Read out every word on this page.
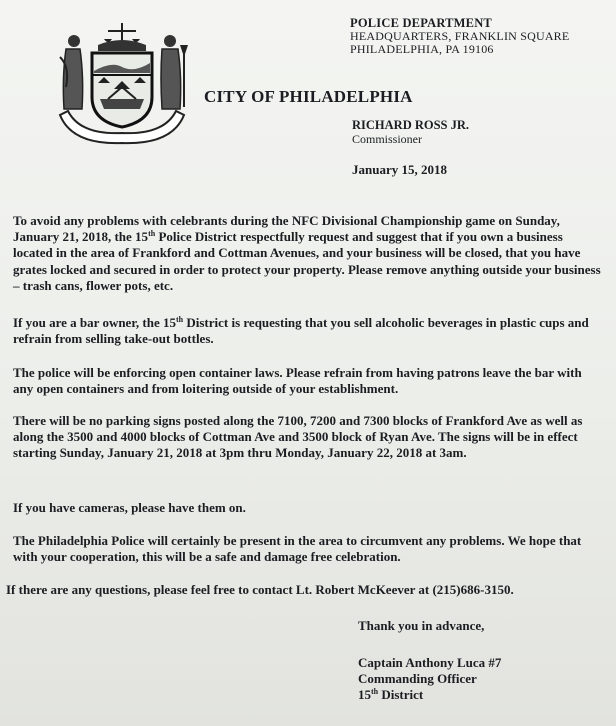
POLICE DEPARTMENT
HEADQUARTERS, FRANKLIN SQUARE
PHILADELPHIA, PA 19106
CITY OF PHILADELPHIA
RICHARD ROSS JR.
Commissioner
January 15, 2018

To avoid any problems with celebrants during the NFC Divisional Championship game on Sunday, January 21, 2018, the 15th Police District respectfully request and suggest that if you own a business located in the area of Frankford and Cottman Avenues, and your business will be closed, that you have grates locked and secured in order to protect your property. Please remove anything outside your business – trash cans, flower pots, etc.

If you are a bar owner, the 15th District is requesting that you sell alcoholic beverages in plastic cups and refrain from selling take-out bottles.

The police will be enforcing open container laws. Please refrain from having patrons leave the bar with any open containers and from loitering outside of your establishment.

There will be no parking signs posted along the 7100, 7200 and 7300 blocks of Frankford Ave as well as along the 3500 and 4000 blocks of Cottman Ave and 3500 block of Ryan Ave. The signs will be in effect starting Sunday, January 21, 2018 at 3pm thru Monday, January 22, 2018 at 3am.

If you have cameras, please have them on.

The Philadelphia Police will certainly be present in the area to circumvent any problems. We hope that with your cooperation, this will be a safe and damage free celebration.

If there are any questions, please feel free to contact Lt. Robert McKeever at (215)686-3150.

Thank you in advance,
Captain Anthony Luca #7
Commanding Officer
15th District
